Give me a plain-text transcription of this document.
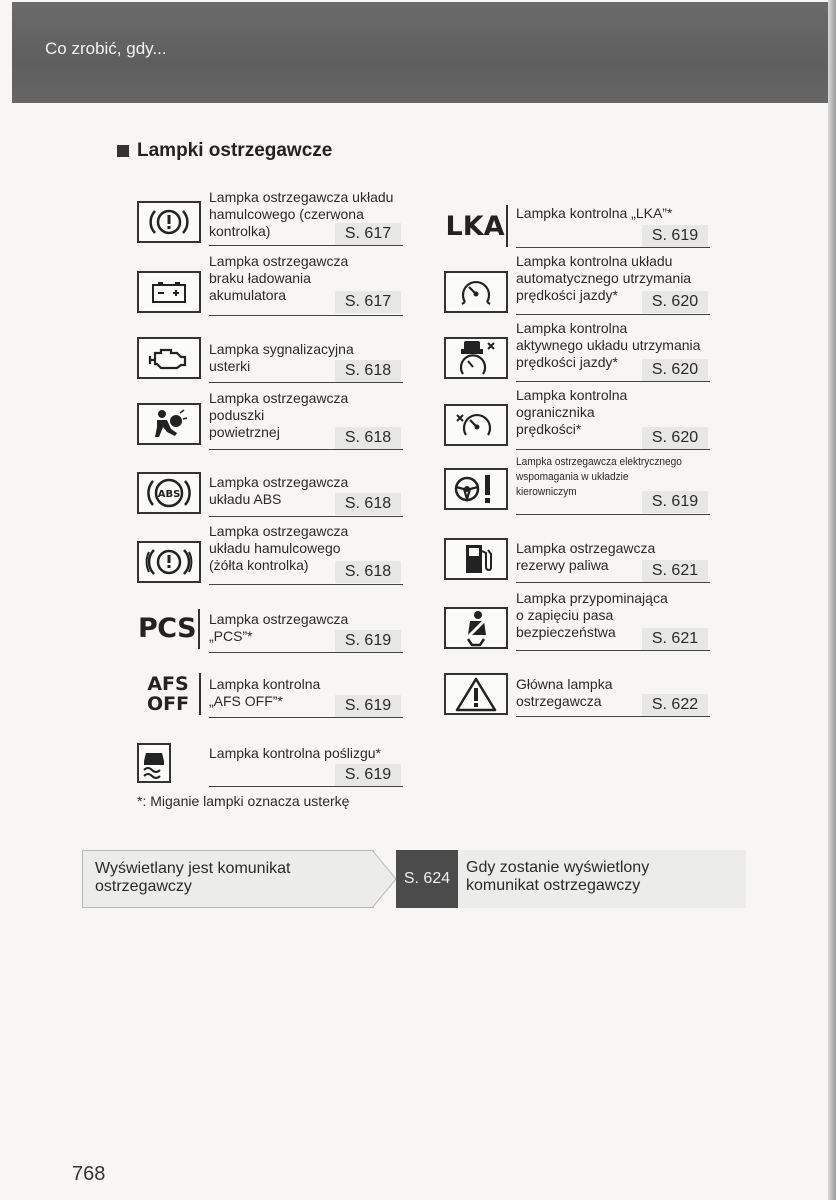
Co zrobić, gdy...
Lampki ostrzegawcze
Lampka ostrzegawcza układu
hamulcowego (czerwona
kontrolka)	S. 617
Lampka ostrzegawcza
braku ładowania
akumulatora	S. 617
Lampka sygnalizacyjna
usterki	S. 618
Lampka ostrzegawcza
poduszki
powietrznej	S. 618
ABS
Lampka ostrzegawcza
układu ABS	S. 618
Lampka ostrzegawcza
układu hamulcowego
(żółta kontrolka)	S. 618
PCS Lampka ostrzegawcza
„PCS”*	S. 619
AFS
OFF
Lampka kontrolna
„AFS OFF”*	S. 619
Lampka kontrolna poślizgu*
S. 619
LKA Lampka kontrolna „LKA”*
S. 619
Lampka kontrolna układu
automatycznego utrzymania
prędkości jazdy*	S. 620
Lampka kontrolna
aktywnego układu utrzymania
prędkości jazdy*	S. 620
Lampka kontrolna
ogranicznika
prędkości*	S. 620
Lampka ostrzegawcza elektrycznego
wspomagania w układzie
kierowniczym
S. 619
Lampka ostrzegawcza
rezerwy paliwa	S. 621
Lampka przypominająca
o zapięciu pasa
bezpieczeństwa	S. 621
Główna lampka
ostrzegawcza	S. 622
*: Miganie lampki oznacza usterkę
Wyświetlany jest komunikat
ostrzegawczy	S. 624
Gdy zostanie wyświetlony
komunikat ostrzegawczy
768
